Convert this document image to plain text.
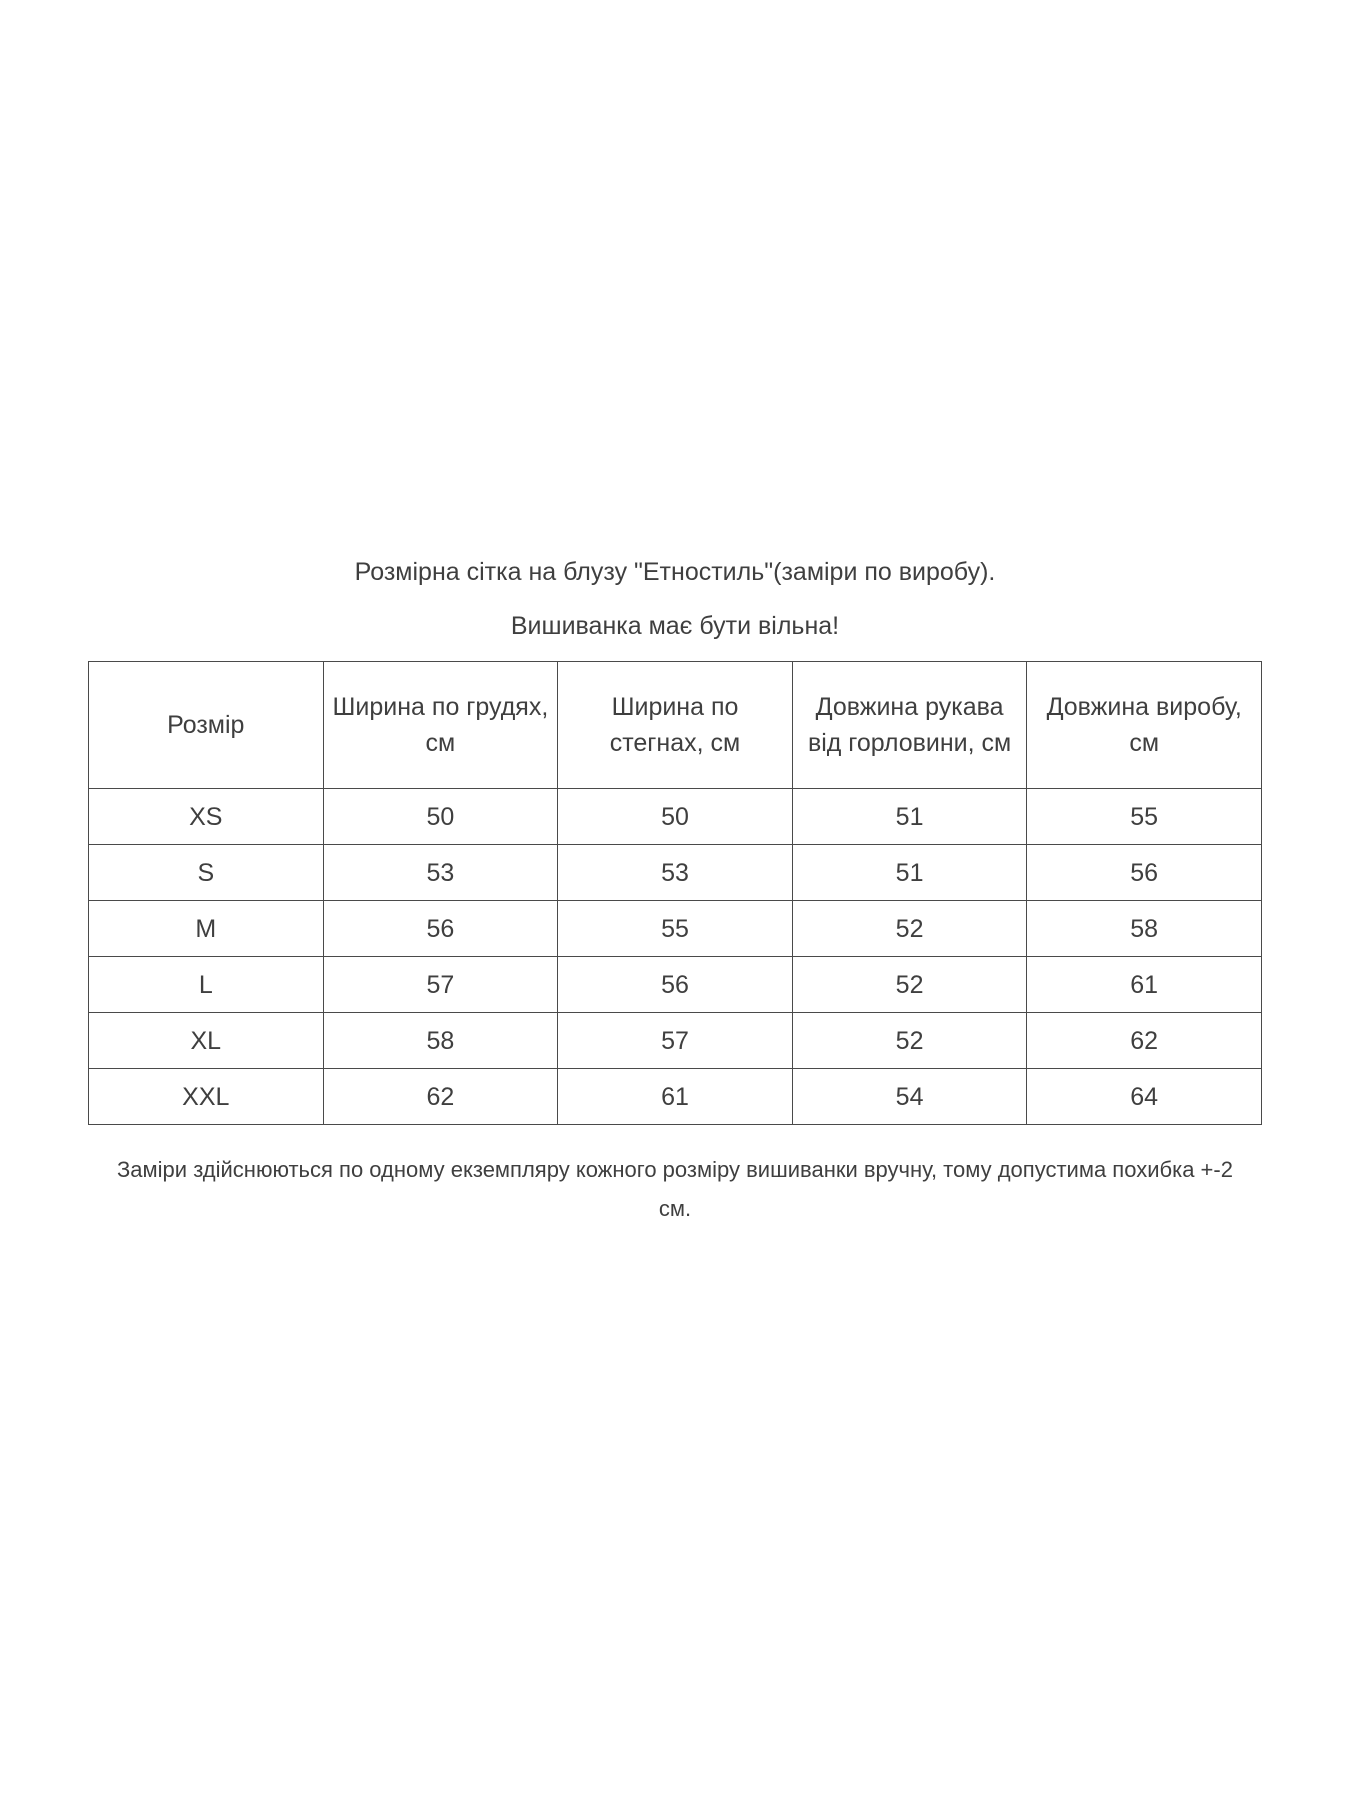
Розмірна сітка на блузу "Етностиль"(заміри по виробу).

Вишиванка має бути вільна!

Розмір	Ширина по грудях, см	Ширина по стегнах, см	Довжина рукава від горловини, см	Довжина виробу, см
XS	50	50	51	55
S	53	53	51	56
M	56	55	52	58
L	57	56	52	61
XL	58	57	52	62
XXL	62	61	54	64

Заміри здійснюються по одному екземпляру кожного розміру вишиванки вручну, тому допустима похибка +-2 см.
